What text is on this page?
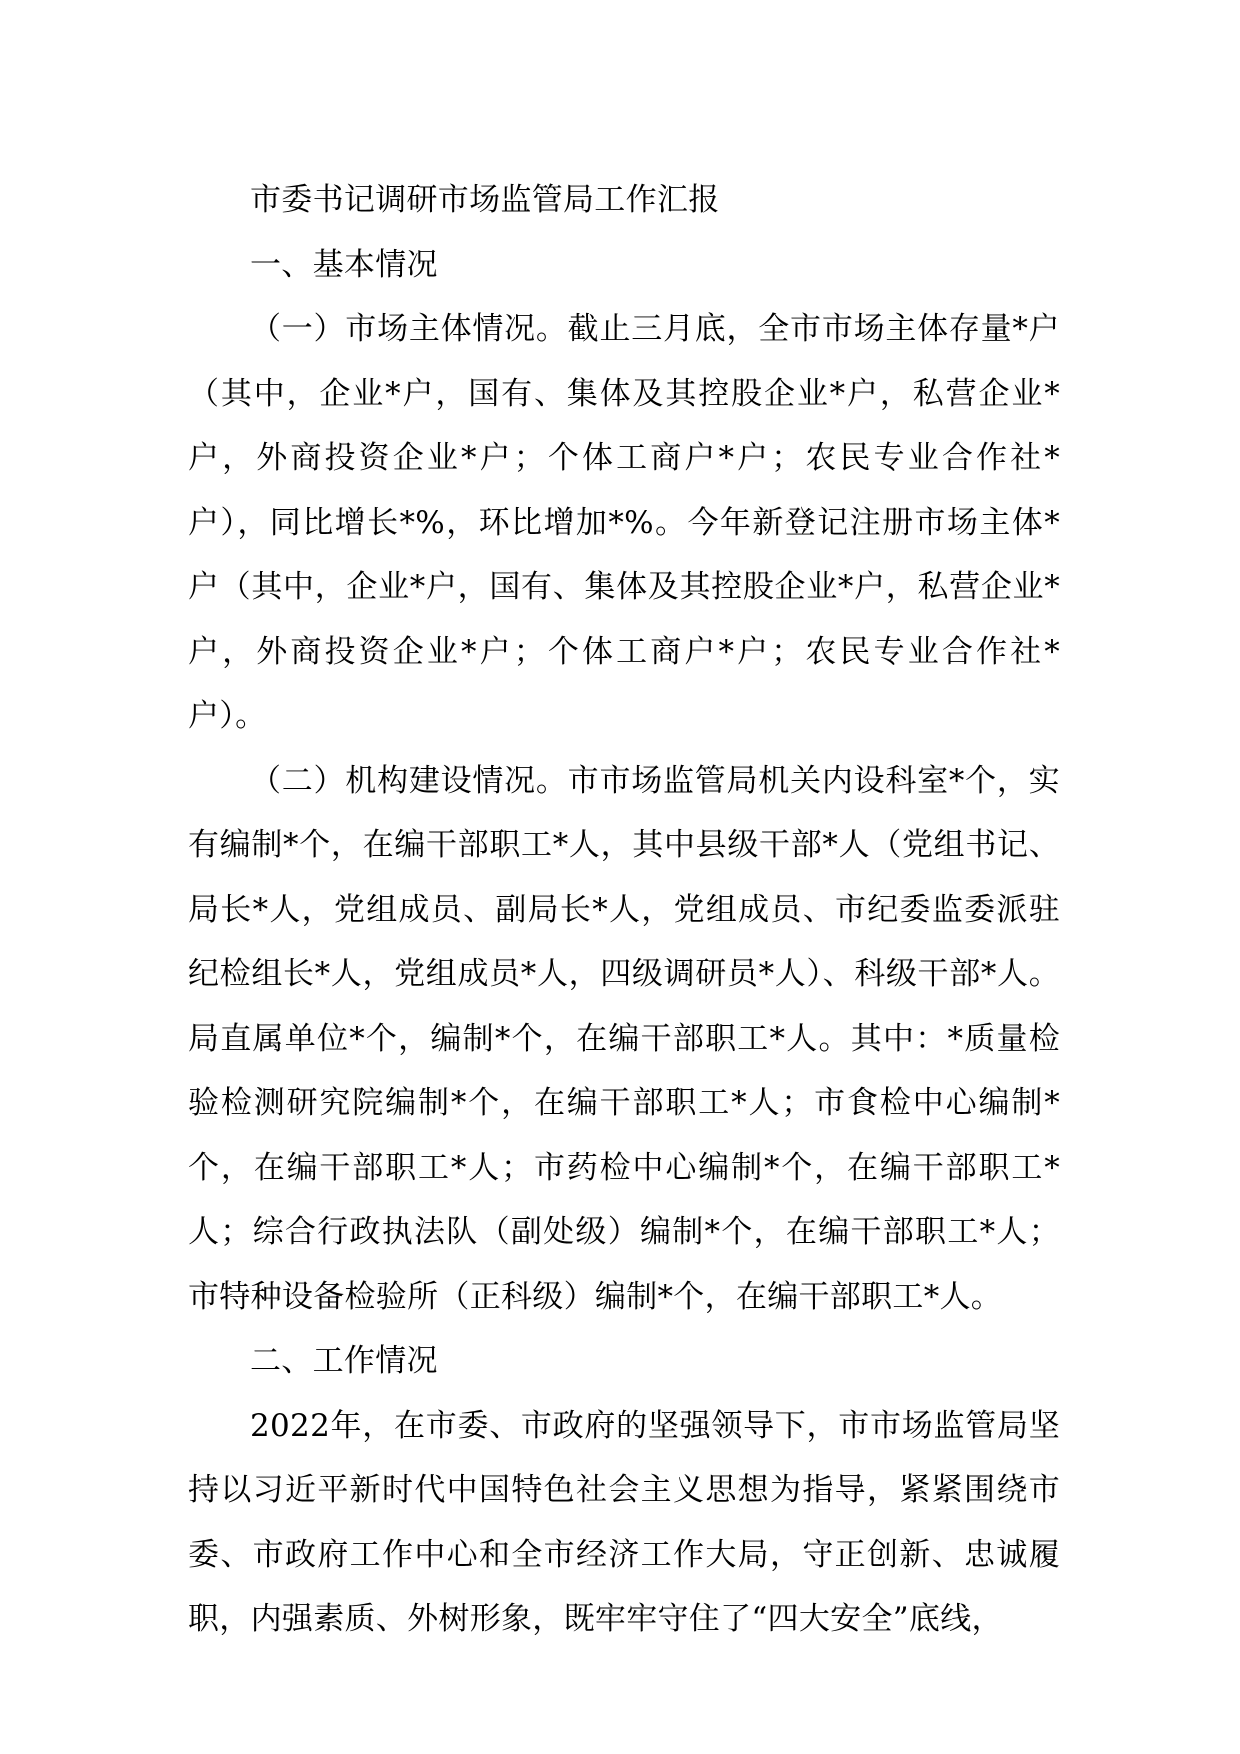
市委书记调研市场监管局工作汇报

一、基本情况

（一）市场主体情况。截止三月底，全市市场主体存量*户（其中，企业*户，国有、集体及其控股企业*户，私营企业*户，外商投资企业*户；个体工商户*户；农民专业合作社*户），同比增长*%，环比增加*%。今年新登记注册市场主体*户（其中，企业*户，国有、集体及其控股企业*户，私营企业*户，外商投资企业*户；个体工商户*户；农民专业合作社*户）。

（二）机构建设情况。市市场监管局机关内设科室*个，实有编制*个，在编干部职工*人，其中县级干部*人（党组书记、局长*人，党组成员、副局长*人，党组成员、市纪委监委派驻纪检组长*人，党组成员*人，四级调研员*人）、科级干部*人。局直属单位*个，编制*个，在编干部职工*人。其中：*质量检验检测研究院编制*个，在编干部职工*人；市食检中心编制*个，在编干部职工*人；市药检中心编制*个，在编干部职工*人；综合行政执法队（副处级）编制*个，在编干部职工*人；市特种设备检验所（正科级）编制*个，在编干部职工*人。

二、工作情况

2022年，在市委、市政府的坚强领导下，市市场监管局坚持以习近平新时代中国特色社会主义思想为指导，紧紧围绕市委、市政府工作中心和全市经济工作大局，守正创新、忠诚履职，内强素质、外树形象，既牢牢守住了“四大安全”底线，
